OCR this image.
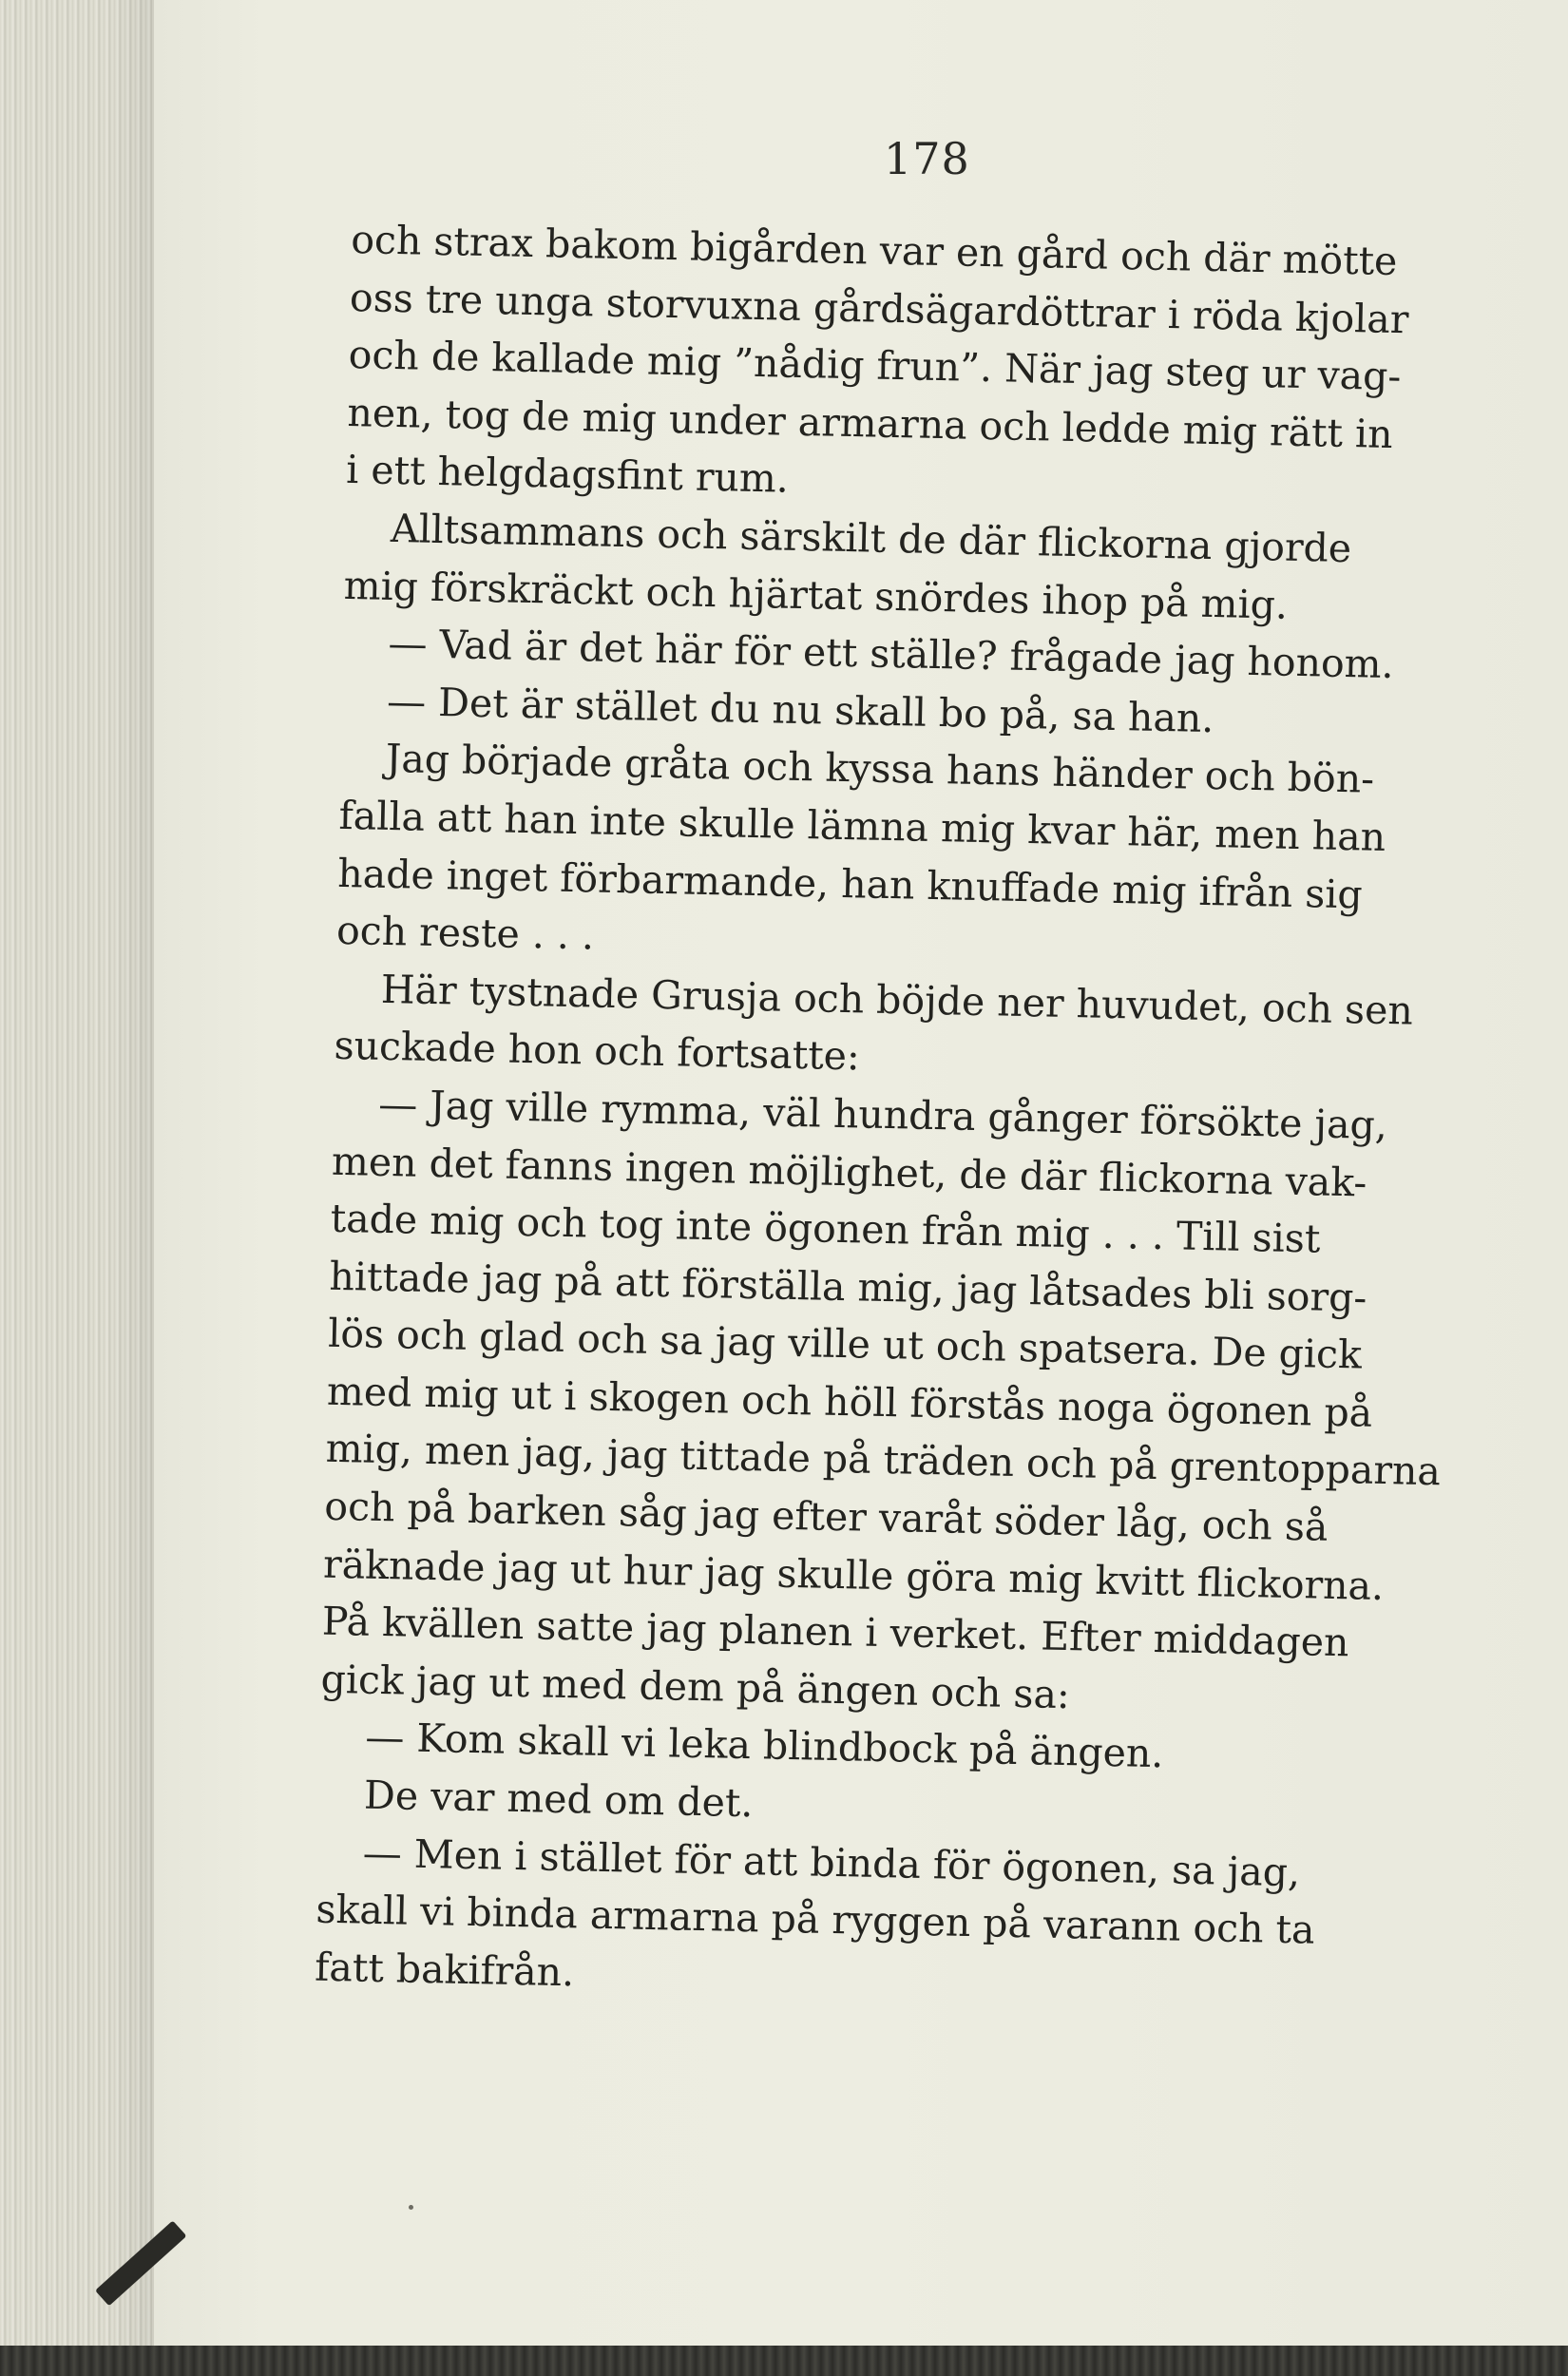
178
och strax bakom bigården var en gård och där mötte
oss tre unga storvuxna gårdsägardöttrar i röda kjolar
och de kallade mig ”nådig frun”. När jag steg ur vag-
nen, tog de mig under armarna och ledde mig rätt in
i ett helgdagsfint rum.
Alltsammans och särskilt de där flickorna gjorde
mig förskräckt och hjärtat snördes ihop på mig.
— Vad är det här för ett ställe? frågade jag honom.
— Det är stället du nu skall bo på, sa han.
Jag började gråta och kyssa hans händer och bön-
falla att han inte skulle lämna mig kvar här, men han
hade inget förbarmande, han knuffade mig ifrån sig
och reste . . .
Här tystnade Grusja och böjde ner huvudet, och sen
suckade hon och fortsatte:
— Jag ville rymma, väl hundra gånger försökte jag,
men det fanns ingen möjlighet, de där flickorna vak-
tade mig och tog inte ögonen från mig . . . Till sist
hittade jag på att förställa mig, jag låtsades bli sorg-
lös och glad och sa jag ville ut och spatsera. De gick
med mig ut i skogen och höll förstås noga ögonen på
mig, men jag, jag tittade på träden och på grentopparna
och på barken såg jag efter varåt söder låg, och så
räknade jag ut hur jag skulle göra mig kvitt flickorna.
På kvällen satte jag planen i verket. Efter middagen
gick jag ut med dem på ängen och sa:
— Kom skall vi leka blindbock på ängen.
De var med om det.
— Men i stället för att binda för ögonen, sa jag,
skall vi binda armarna på ryggen på varann och ta
fatt bakifrån.
